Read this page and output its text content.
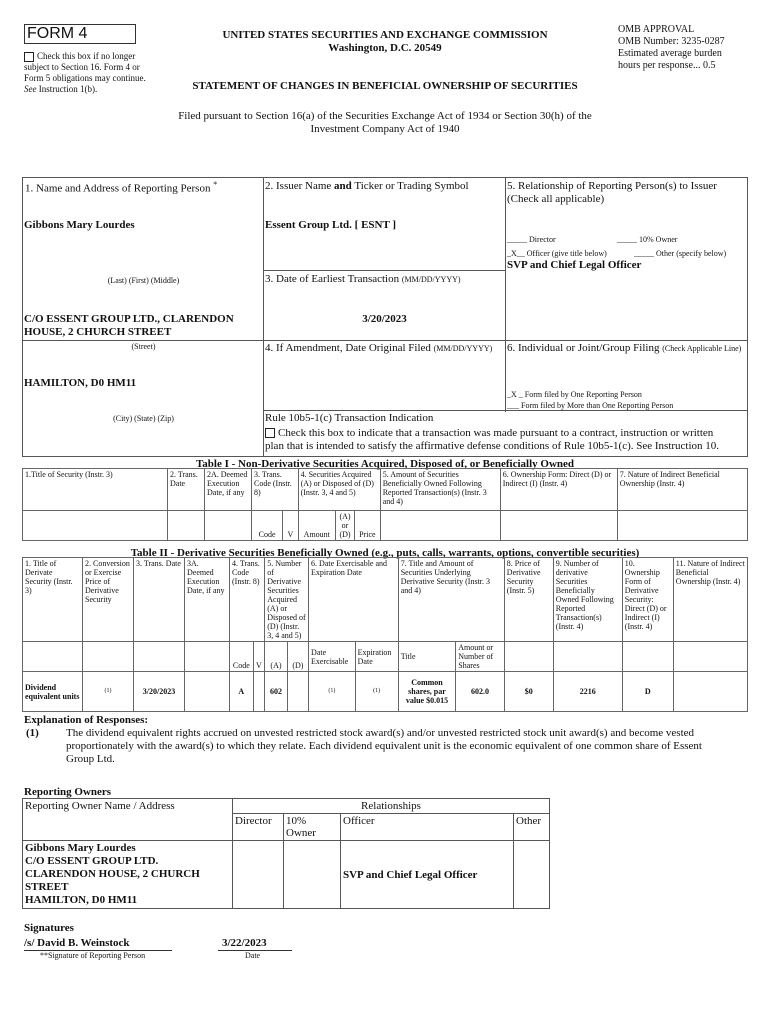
FORM 4
Check this box if no longer subject to Section 16. Form 4 or Form 5 obligations may continue. See Instruction 1(b).
UNITED STATES SECURITIES AND EXCHANGE COMMISSION
Washington, D.C. 20549
STATEMENT OF CHANGES IN BENEFICIAL OWNERSHIP OF SECURITIES
OMB APPROVAL
OMB Number: 3235-0287
Estimated average burden
hours per response... 0.5
Filed pursuant to Section 16(a) of the Securities Exchange Act of 1934 or Section 30(h) of the
Investment Company Act of 1940
1. Name and Address of Reporting Person *
Gibbons Mary Lourdes
(Last) (First) (Middle)
C/O ESSENT GROUP LTD., CLARENDON
HOUSE, 2 CHURCH STREET
(Street)
HAMILTON, D0 HM11
(City) (State) (Zip)
2. Issuer Name and Ticker or Trading Symbol
Essent Group Ltd. [ ESNT ]
3. Date of Earliest Transaction (MM/DD/YYYY)
3/20/2023
4. If Amendment, Date Original Filed (MM/DD/YYYY)
5. Relationship of Reporting Person(s) to Issuer
(Check all applicable)
_____ Director	_____ 10% Owner
_X__ Officer (give title below)	_____ Other (specify below)
SVP and Chief Legal Officer
6. Individual or Joint/Group Filing (Check Applicable Line)
_X _ Form filed by One Reporting Person
___ Form filed by More than One Reporting Person
Rule 10b5-1(c) Transaction Indication
Check this box to indicate that a transaction was made pursuant to a contract, instruction or written
plan that is intended to satisfy the affirmative defense conditions of Rule 10b5-1(c). See Instruction 10.
Table I - Non-Derivative Securities Acquired, Disposed of, or Beneficially Owned
1.Title of Security (Instr. 3)	2. Trans. Date	2A. Deemed Execution Date, if any	3. Trans. Code (Instr. 8)		4. Securities Acquired (A) or Disposed of (D) (Instr. 3, 4 and 5)			5. Amount of Securities Beneficially Owned Following Reported Transaction(s) (Instr. 3 and 4)	6. Ownership Form: Direct (D) or Indirect (I) (Instr. 4)	7. Nature of Indirect Beneficial Ownership (Instr. 4)
			Code	V	Amount	(A) or (D)	Price			
Table II - Derivative Securities Beneficially Owned (e.g., puts, calls, warrants, options, convertible securities)
1. Title of Derivate Security (Instr. 3)	2. Conversion or Exercise Price of Derivative Security	3. Trans. Date	3A. Deemed Execution Date, if any	4. Trans. Code (Instr. 8)		5. Number of Derivative Securities Acquired (A) or Disposed of (D) (Instr. 3, 4 and 5)		6. Date Exercisable and Expiration Date		7. Title and Amount of Securities Underlying Derivative Security (Instr. 3 and 4)		8. Price of Derivative Security (Instr. 5)	9. Number of derivative Securities Beneficially Owned Following Reported Transaction(s) (Instr. 4)	10. Ownership Form of Derivative Security: Direct (D) or Indirect (I) (Instr. 4)	11. Nature of Indirect Beneficial Ownership (Instr. 4)
				Code	V	(A)	(D)	Date Exercisable	Expiration Date	Title	Amount or Number of Shares				
Dividend equivalent units	(1)	3/20/2023		A		602		(1)	(1)	Common shares, par value $0.015	602.0	$0	2216	D	
Explanation of Responses:
(1) The dividend equivalent rights accrued on unvested restricted stock award(s) and/or unvested restricted stock unit award(s) and become vested proportionately with the award(s) to which they relate. Each dividend equivalent unit is the economic equivalent of one common share of Essent Group Ltd.
Reporting Owners
Reporting Owner Name / Address	Relationships			
	Director	10% Owner	Officer	Other

Gibbons Mary Lourdes
C/O ESSENT GROUP LTD.
CLARENDON HOUSE, 2 CHURCH
STREET
HAMILTON, D0 HM11			SVP and Chief Legal Officer	
Signatures
/s/ David B. Weinstock	3/22/2023
**Signature of Reporting Person	Date
